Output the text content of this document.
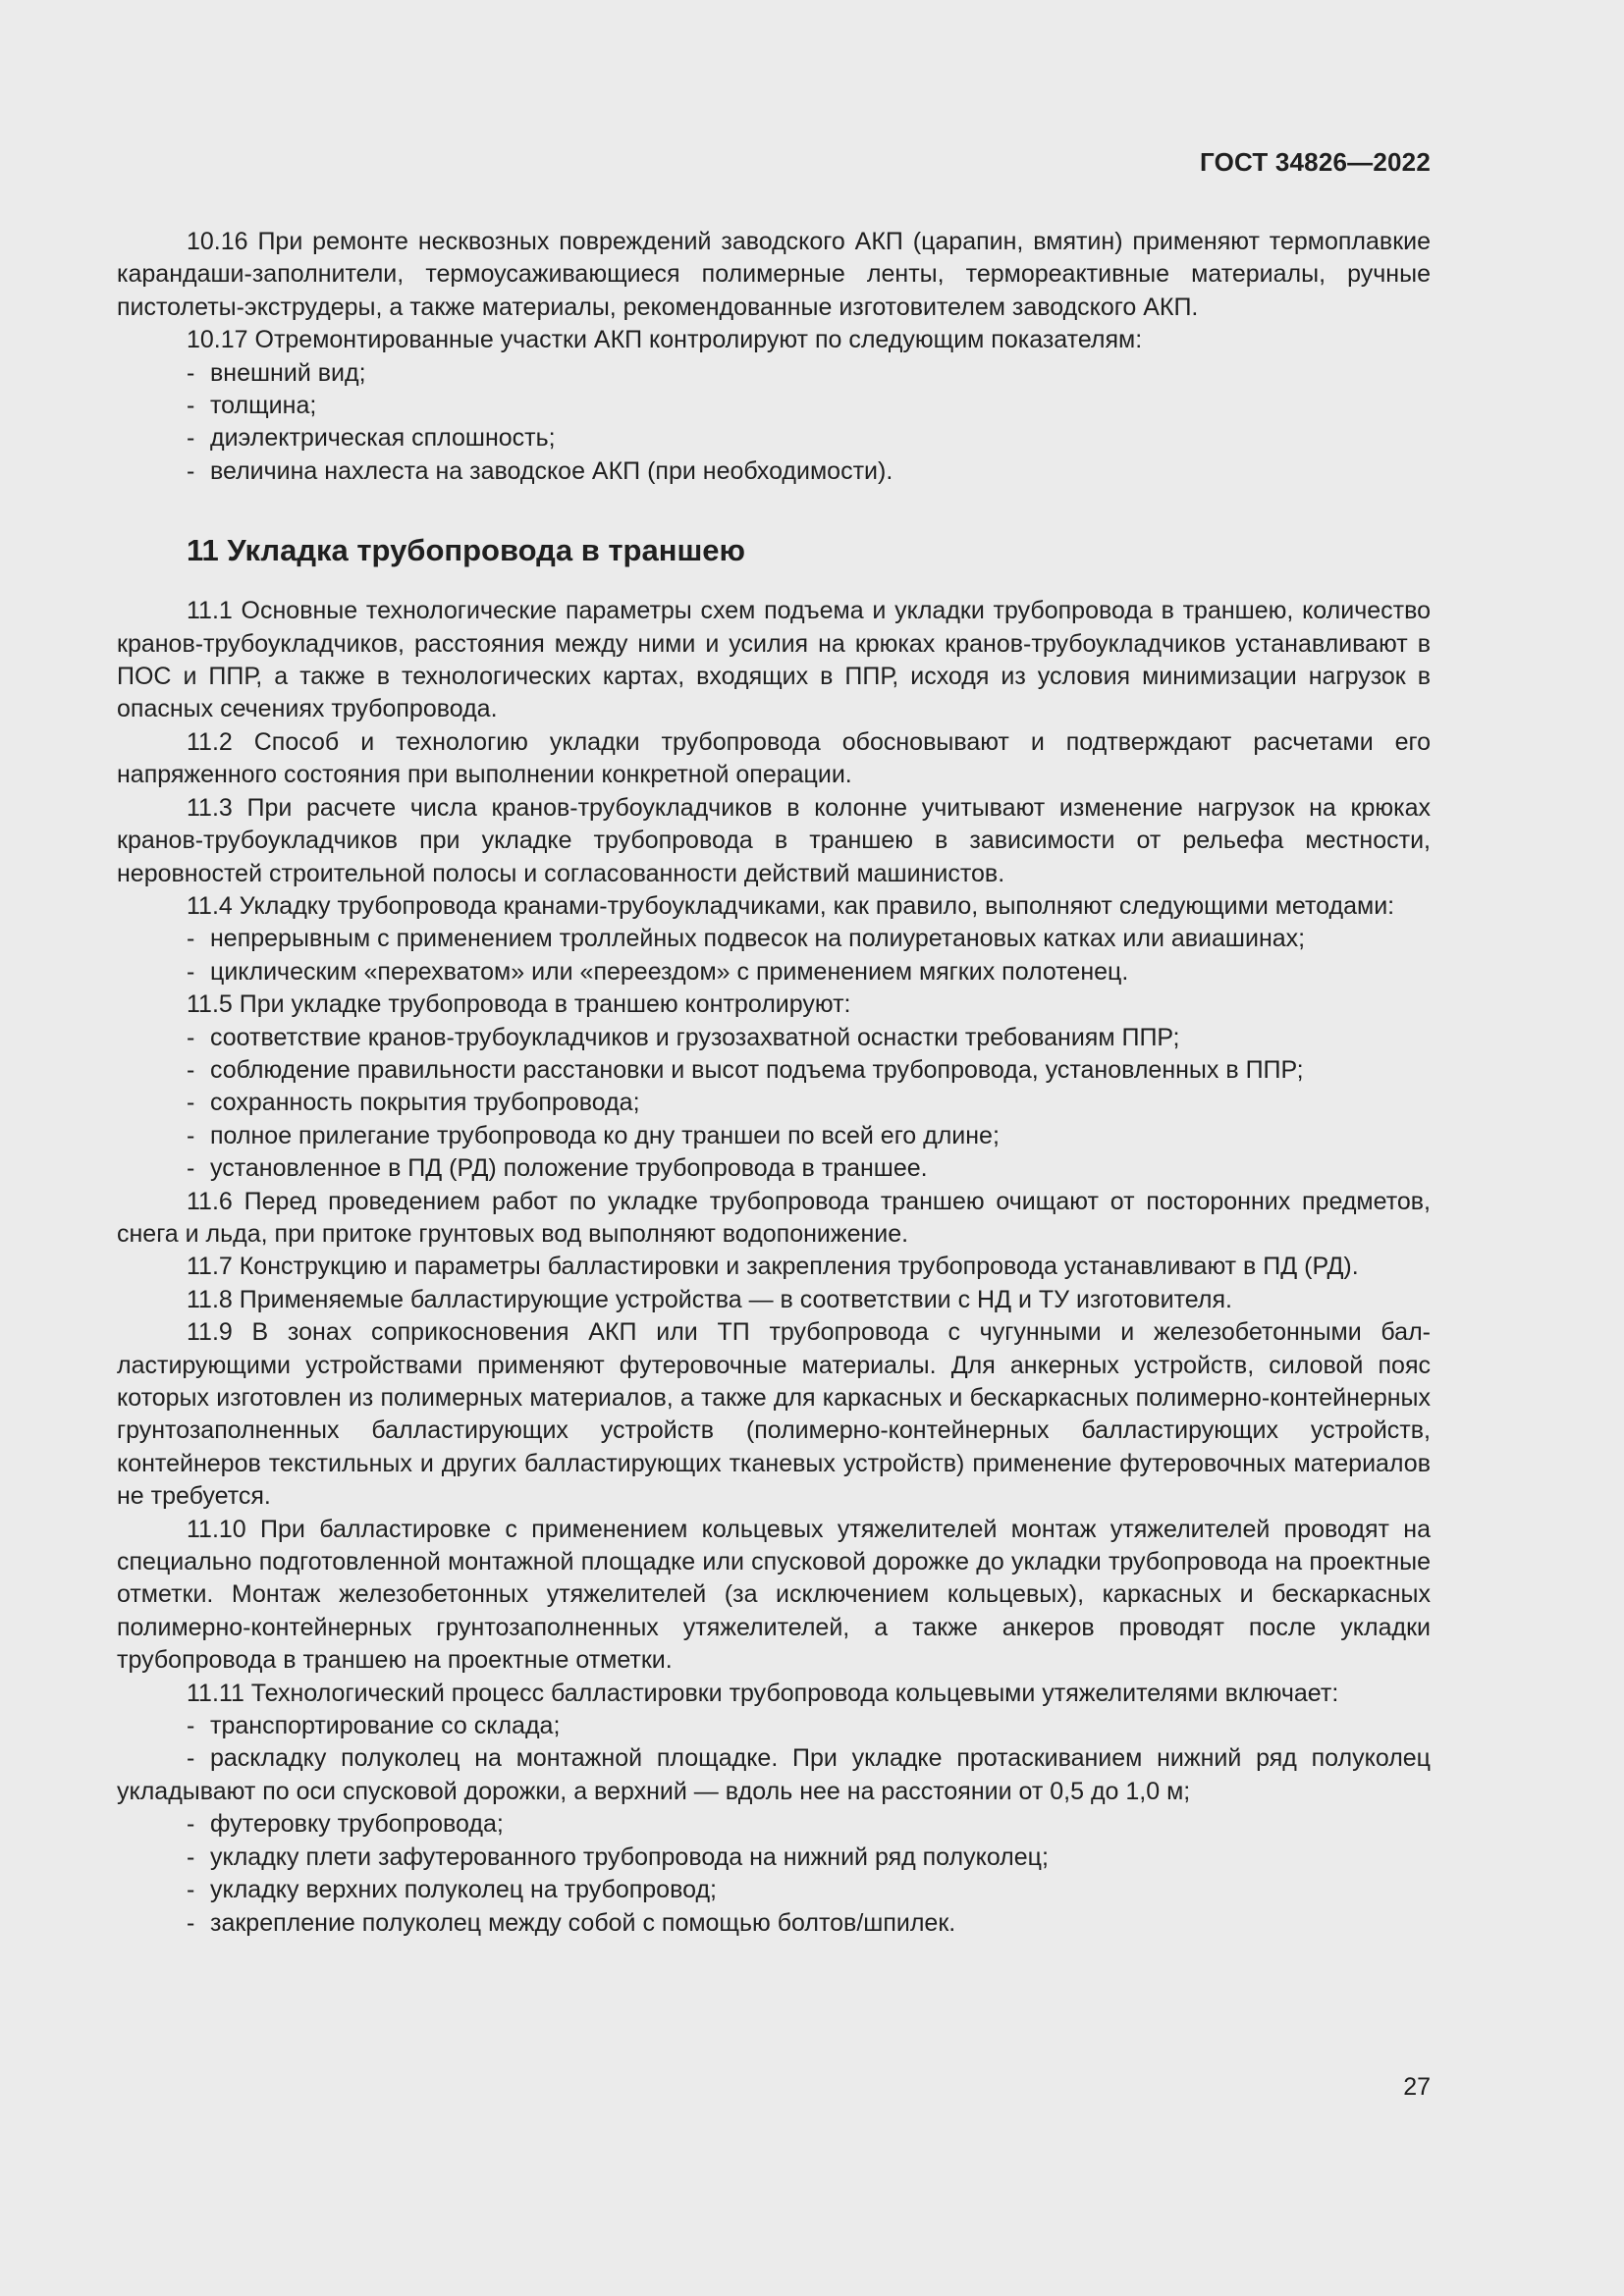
ГОСТ 34826—2022

10.16 При ремонте несквозных повреждений заводского АКП (царапин, вмятин) применяют термоплавкие карандаши-заполнители, термоусаживающиеся полимерные ленты, термореактивные материалы, ручные пистолеты-экструдеры, а также материалы, рекомендованные изготовителем заводского АКП.

10.17 Отремонтированные участки АКП контролируют по следующим показателям:

- внешний вид;

- толщина;

- диэлектрическая сплошность;

- величина нахлеста на заводское АКП (при необходимости).

11 Укладка трубопровода в траншею

11.1 Основные технологические параметры схем подъема и укладки трубопровода в траншею, количество кранов-трубоукладчиков, расстояния между ними и усилия на крюках кранов-трубоукладчиков устанавливают в ПОС и ППР, а также в технологических картах, входящих в ППР, исходя из условия минимизации нагрузок в опасных сечениях трубопровода.

11.2 Способ и технологию укладки трубопровода обосновывают и подтверждают расчетами его напряженного состояния при выполнении конкретной операции.

11.3 При расчете числа кранов-трубоукладчиков в колонне учитывают изменение нагрузок на крюках кранов-трубоукладчиков при укладке трубопровода в траншею в зависимости от рельефа местности, неровностей строительной полосы и согласованности действий машинистов.

11.4 Укладку трубопровода кранами-трубоукладчиками, как правило, выполняют следующими методами:

- непрерывным с применением троллейных подвесок на полиуретановых катках или авиашинах;

- циклическим «перехватом» или «переездом» с применением мягких полотенец.

11.5 При укладке трубопровода в траншею контролируют:

- соответствие кранов-трубоукладчиков и грузозахватной оснастки требованиям ППР;

- соблюдение правильности расстановки и высот подъема трубопровода, установленных в ППР;

- сохранность покрытия трубопровода;

- полное прилегание трубопровода ко дну траншеи по всей его длине;

- установленное в ПД (РД) положение трубопровода в траншее.

11.6 Перед проведением работ по укладке трубопровода траншею очищают от посторонних предметов, снега и льда, при притоке грунтовых вод выполняют водопонижение.

11.7 Конструкцию и параметры балластировки и закрепления трубопровода устанавливают в ПД (РД).

11.8 Применяемые балластирующие устройства — в соответствии с НД и ТУ изготовителя.

11.9 В зонах соприкосновения АКП или ТП трубопровода с чугунными и железобетонными балластирующими устройствами применяют футеровочные материалы. Для анкерных устройств, силовой пояс которых изготовлен из полимерных материалов, а также для каркасных и бескаркасных полимерно-контейнерных грунтозаполненных балластирующих устройств (полимерно-контейнерных балластирующих устройств, контейнеров текстильных и других балластирующих тканевых устройств) применение футеровочных материалов не требуется.

11.10 При балластировке с применением кольцевых утяжелителей монтаж утяжелителей проводят на специально подготовленной монтажной площадке или спусковой дорожке до укладки трубопровода на проектные отметки. Монтаж железобетонных утяжелителей (за исключением кольцевых), каркасных и бескаркасных полимерно-контейнерных грунтозаполненных утяжелителей, а также анкеров проводят после укладки трубопровода в траншею на проектные отметки.

11.11 Технологический процесс балластировки трубопровода кольцевыми утяжелителями включает:

- транспортирование со склада;

- раскладку полуколец на монтажной площадке. При укладке протаскиванием нижний ряд полуколец укладывают по оси спусковой дорожки, а верхний — вдоль нее на расстоянии от 0,5 до 1,0 м;

- футеровку трубопровода;

- укладку плети зафутерованного трубопровода на нижний ряд полуколец;

- укладку верхних полуколец на трубопровод;

- закрепление полуколец между собой с помощью болтов/шпилек.

27
